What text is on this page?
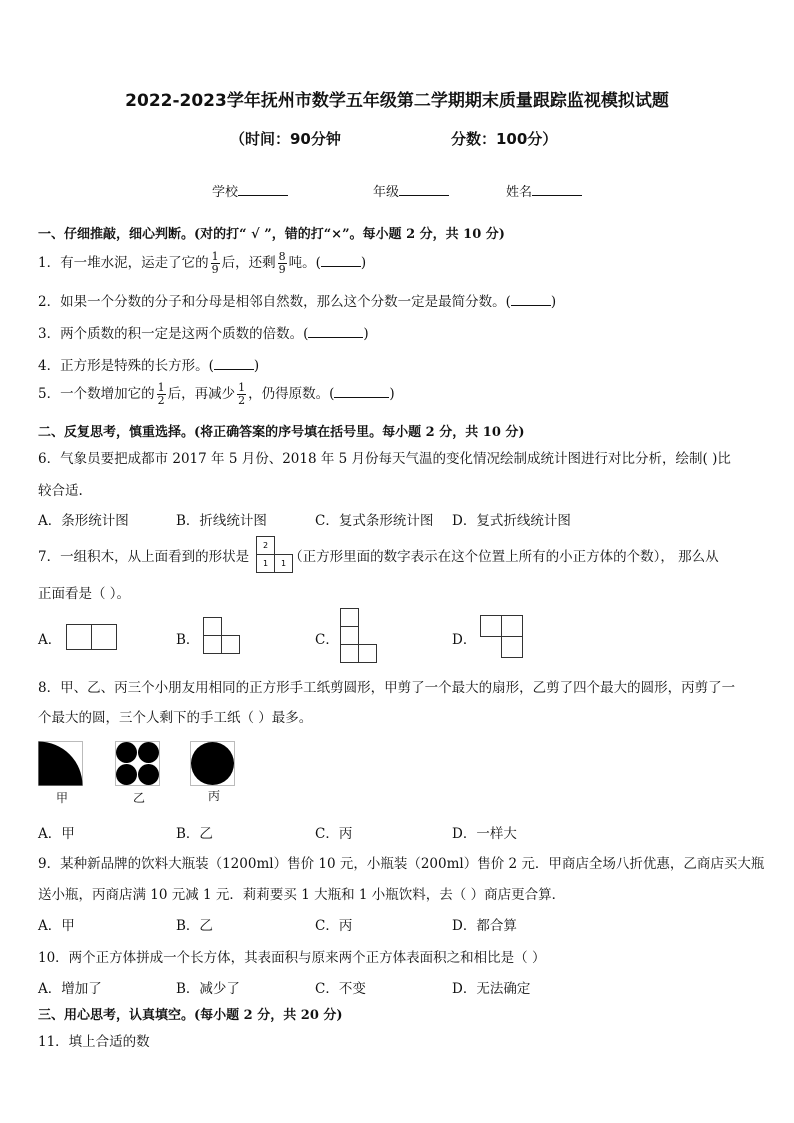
2022-2023学年抚州市数学五年级第二学期期末质量跟踪监视模拟试题
（时间：90分钟	分数：100分）
学校	年级	姓名
一、仔细推敲，细心判断。(对的打“ √ ”，错的打“×”。每小题 2 分，共 10 分)
1．有一堆水泥，运走了它的 $\frac{1}{9}$ 后，还剩 $\frac{8}{9}$ 吨。(	)
2．如果一个分数的分子和分母是相邻自然数，那么这个分数一定是最简分数。(	)
3．两个质数的积一定是这两个质数的倍数。(	)
4．正方形是特殊的长方形。(	)
5．一个数增加它的 $\frac{1}{2}$ 后，再减少 $\frac{1}{2}$ ，仍得原数。(	)
二、反复思考，慎重选择。(将正确答案的序号填在括号里。每小题 2 分，共 10 分)
6．气象员要把成都市 2017 年 5 月份、2018 年 5 月份每天气温的变化情况绘制成统计图进行对比分析，绘制( )比
较合适.
A．条形统计图	B．折线统计图	C．复式条形统计图 D．复式折线统计图
7．一组积木，从上面看到的形状是	（正方形里面的数字表示在这个位置上所有的小正方体的个数）， 那么从
2
1 1
正面看是（ ）。
A．	B．	C．	D．
8．甲、乙、丙三个小朋友用相同的正方形手工纸剪圆形，甲剪了一个最大的扇形，乙剪了四个最大的圆形，丙剪了一
个最大的圆，三个人剩下的手工纸（ ）最多。
甲	乙	丙
A．甲	B．乙	C．丙	D．一样大
9．某种新品牌的饮料大瓶装（1200ml）售价 10 元，小瓶装（200ml）售价 2 元．甲商店全场八折优惠，乙商店买大瓶
送小瓶，丙商店满 10 元减 1 元．莉莉要买 1 大瓶和 1 小瓶饮料，去（ ）商店更合算．
A．甲	B．乙	C．丙	D．都合算
10．两个正方体拼成一个长方体，其表面积与原来两个正方体表面积之和相比是（ ）
A．增加了	B．减少了	C．不变	D．无法确定
三、用心思考，认真填空。(每小题 2 分，共 20 分)
11．填上合适的数
